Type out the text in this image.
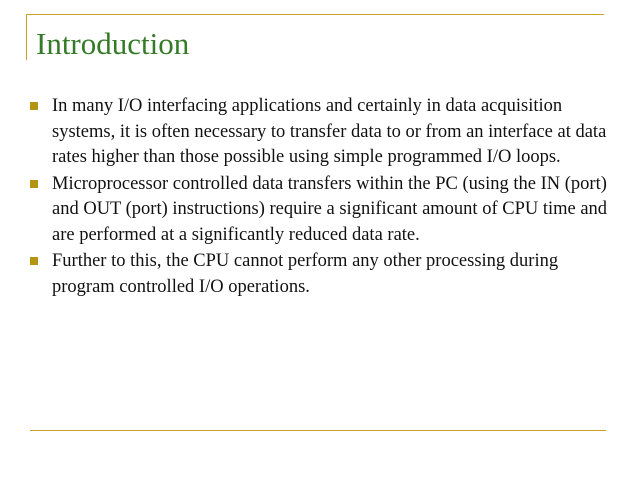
Introduction
In many I/O interfacing applications and certainly in data acquisition systems, it is often necessary to transfer data to or from an interface at data rates higher than those possible using simple programmed I/O loops.
Microprocessor controlled data transfers within the PC (using the IN (port) and OUT (port) instructions) require a significant amount of CPU time and are performed at a significantly reduced data rate.
Further to this, the CPU cannot perform any other processing during program controlled I/O operations.
